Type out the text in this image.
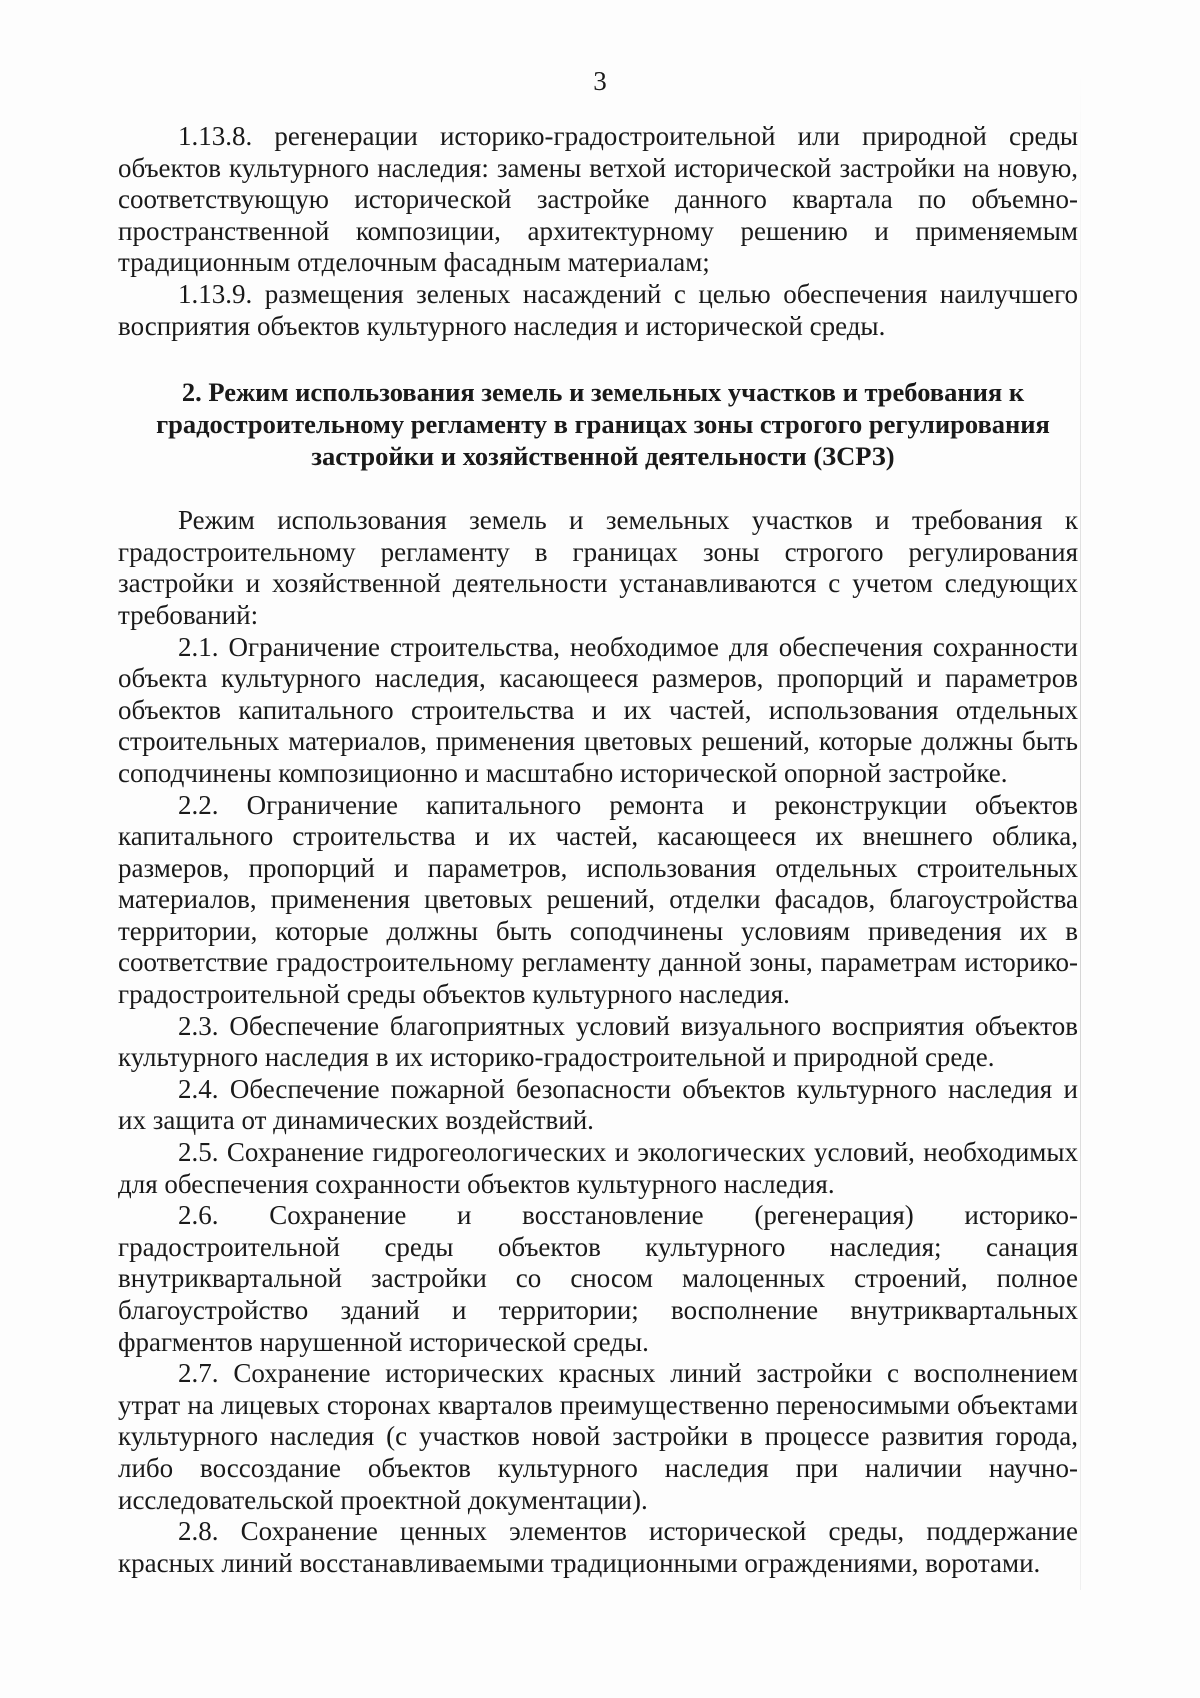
3

1.13.8. регенерации историко-градостроительной или природной среды объектов культурного наследия: замены ветхой исторической застройки на новую, соответствующую исторической застройке данного квартала по объемно-пространственной композиции, архитектурному решению и применяемым традиционным отделочным фасадным материалам;

1.13.9. размещения зеленых насаждений с целью обеспечения наилучшего восприятия объектов культурного наследия и исторической среды.

2. Режим использования земель и земельных участков и требования к градостроительному регламенту в границах зоны строгого регулирования застройки и хозяйственной деятельности (ЗСРЗ)

Режим использования земель и земельных участков и требования к градостроительному регламенту в границах зоны строгого регулирования застройки и хозяйственной деятельности устанавливаются с учетом следующих требований:

2.1. Ограничение строительства, необходимое для обеспечения сохранности объекта культурного наследия, касающееся размеров, пропорций и параметров объектов капитального строительства и их частей, использования отдельных строительных материалов, применения цветовых решений, которые должны быть соподчинены композиционно и масштабно исторической опорной застройке.

2.2. Ограничение капитального ремонта и реконструкции объектов капитального строительства и их частей, касающееся их внешнего облика, размеров, пропорций и параметров, использования отдельных строительных материалов, применения цветовых решений, отделки фасадов, благоустройства территории, которые должны быть соподчинены условиям приведения их в соответствие градостроительному регламенту данной зоны, параметрам историко-градостроительной среды объектов культурного наследия.

2.3. Обеспечение благоприятных условий визуального восприятия объектов культурного наследия в их историко-градостроительной и природной среде.

2.4. Обеспечение пожарной безопасности объектов культурного наследия и их защита от динамических воздействий.

2.5. Сохранение гидрогеологических и экологических условий, необходимых для обеспечения сохранности объектов культурного наследия.

2.6. Сохранение и восстановление (регенерация) историко-градостроительной среды объектов культурного наследия; санация внутриквартальной застройки со сносом малоценных строений, полное благоустройство зданий и территории; восполнение внутриквартальных фрагментов нарушенной исторической среды.

2.7. Сохранение исторических красных линий застройки с восполнением утрат на лицевых сторонах кварталов преимущественно переносимыми объектами культурного наследия (с участков новой застройки в процессе развития города, либо воссоздание объектов культурного наследия при наличии научно-исследовательской проектной документации).

2.8. Сохранение ценных элементов исторической среды, поддержание красных линий восстанавливаемыми традиционными ограждениями, воротами.
